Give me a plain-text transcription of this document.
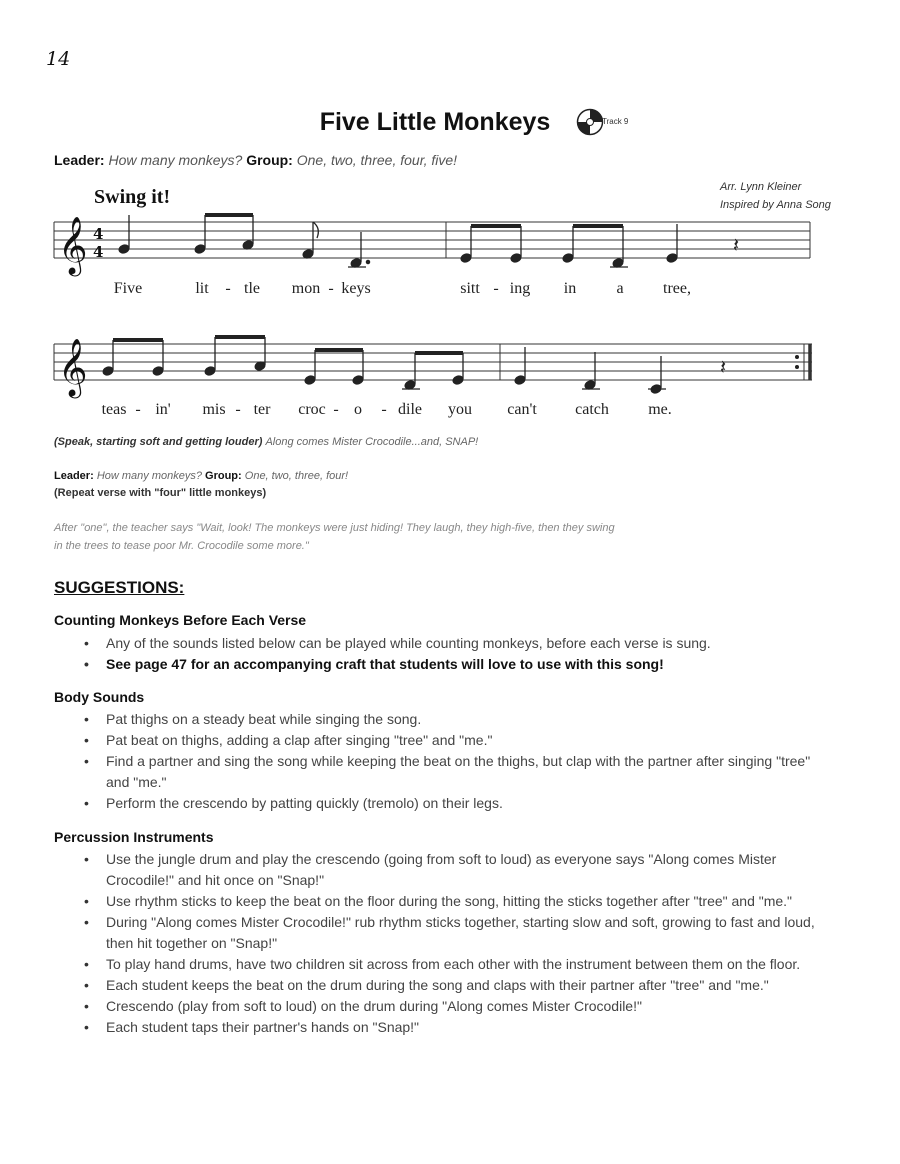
14
Five Little Monkeys	Track 9
Leader: How many monkeys? Group: One, two, three, four, five!
Swing it!	Arr. Lynn Kleiner
Inspired by Anna Song
𝄞 4
4	𝄽
𝄞	𝄽
Five	lit - tle mon - keys	sitt - ing in	a tree,
teas - in' mis - ter croc - o - dile you can't catch me.
(Speak, starting soft and getting louder) Along comes Mister Crocodile...and, SNAP!
Leader: How many monkeys? Group: One, two, three, four!
(Repeat verse with "four" little monkeys)
After "one", the teacher says "Wait, look! The monkeys were just hiding! They laugh, they high-five, then they swing
in the trees to tease poor Mr. Crocodile some more."
SUGGESTIONS:
Counting Monkeys Before Each Verse
• Any of the sounds listed below can be played while counting monkeys, before each verse is sung.
• See page 47 for an accompanying craft that students will love to use with this song!
Body Sounds
• Pat thighs on a steady beat while singing the song.
• Pat beat on thighs, adding a clap after singing "tree" and "me."
• Find a partner and sing the song while keeping the beat on the thighs, but clap with the partner after singing "tree" and "me."
• Perform the crescendo by patting quickly (tremolo) on their legs.
Percussion Instruments
• Use the jungle drum and play the crescendo (going from soft to loud) as everyone says "Along comes Mister Crocodile!" and hit once on "Snap!"
• Use rhythm sticks to keep the beat on the floor during the song, hitting the sticks together after "tree" and "me."
• During "Along comes Mister Crocodile!" rub rhythm sticks together, starting slow and soft, growing to fast and loud, then hit together on "Snap!"
• To play hand drums, have two children sit across from each other with the instrument between them on the floor.
• Each student keeps the beat on the drum during the song and claps with their partner after "tree" and "me."
• Crescendo (play from soft to loud) on the drum during "Along comes Mister Crocodile!"
• Each student taps their partner's hands on "Snap!"
